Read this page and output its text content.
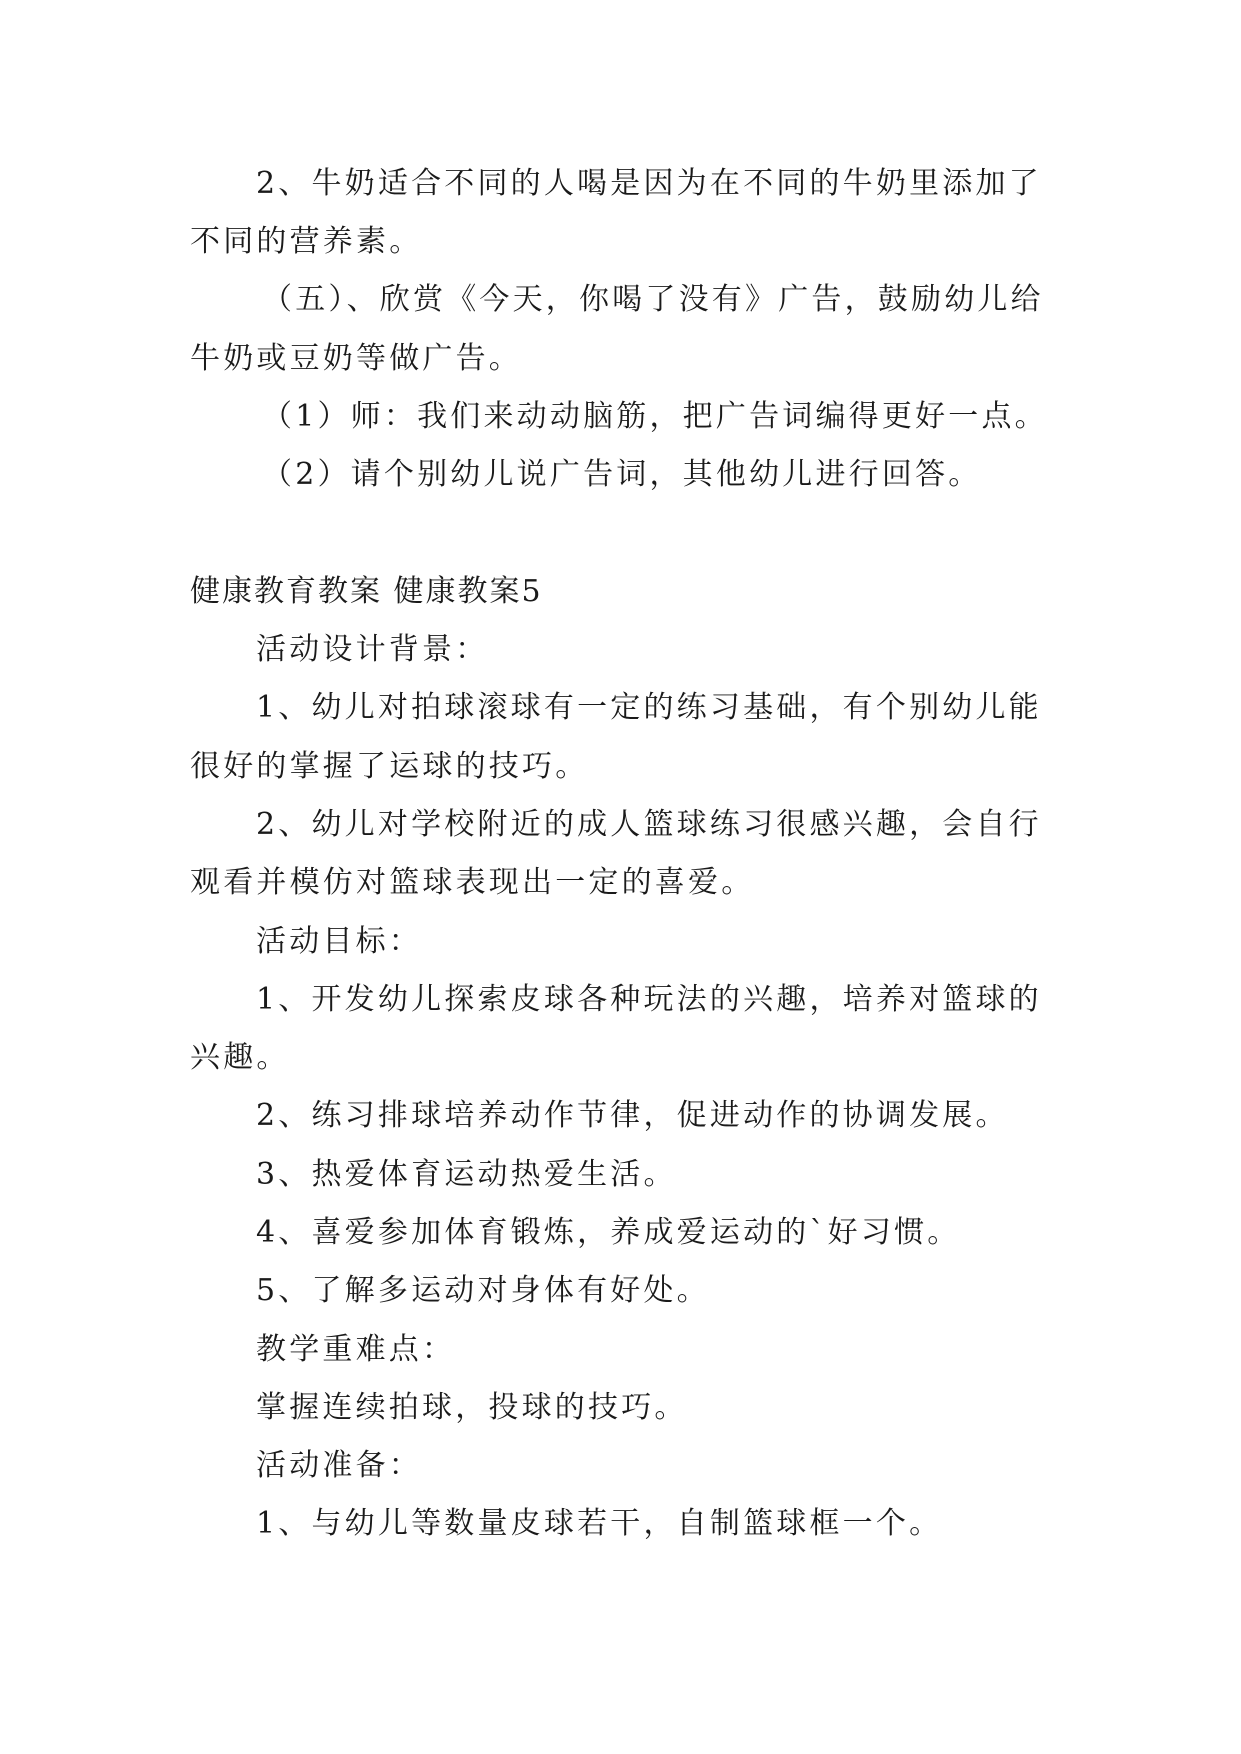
2、牛奶适合不同的人喝是因为在不同的牛奶里添加了
不同的营养素。
（五）、欣赏《今天，你喝了没有》广告，鼓励幼儿给
牛奶或豆奶等做广告。
（1）师：我们来动动脑筋，把广告词编得更好一点。
（2）请个别幼儿说广告词，其他幼儿进行回答。
健康教育教案 健康教案5
活动设计背景：
1、幼儿对拍球滚球有一定的练习基础，有个别幼儿能
很好的掌握了运球的技巧。
2、幼儿对学校附近的成人篮球练习很感兴趣，会自行
观看并模仿对篮球表现出一定的喜爱。
活动目标：
1、开发幼儿探索皮球各种玩法的兴趣，培养对篮球的
兴趣。
2、练习排球培养动作节律，促进动作的协调发展。
3、热爱体育运动热爱生活。
4、喜爱参加体育锻炼，养成爱运动的`好习惯。
5、了解多运动对身体有好处。
教学重难点：
掌握连续拍球，投球的技巧。
活动准备：
1、与幼儿等数量皮球若干，自制篮球框一个。
